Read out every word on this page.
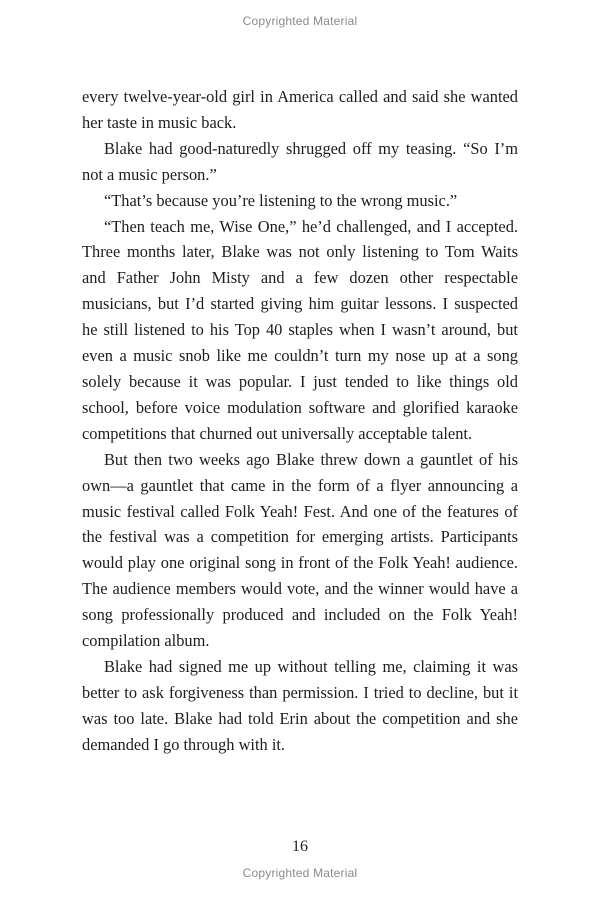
Copyrighted Material

every twelve-year-old girl in America called and said she wanted her taste in music back.

Blake had good-naturedly shrugged off my teasing. “So I’m not a music person.”

“That’s because you’re listening to the wrong music.”

“Then teach me, Wise One,” he’d challenged, and I accepted. Three months later, Blake was not only listening to Tom Waits and Father John Misty and a few dozen other respectable musicians, but I’d started giving him guitar lessons. I suspected he still listened to his Top 40 staples when I wasn’t around, but even a music snob like me couldn’t turn my nose up at a song solely because it was popular. I just tended to like things old school, before voice modulation software and glorified karaoke competitions that churned out universally acceptable talent.

But then two weeks ago Blake threw down a gauntlet of his own—a gauntlet that came in the form of a flyer announcing a music festival called Folk Yeah! Fest. And one of the features of the festival was a competition for emerging artists. Participants would play one original song in front of the Folk Yeah! audience. The audience members would vote, and the winner would have a song professionally produced and included on the Folk Yeah! compilation album.

Blake had signed me up without telling me, claiming it was better to ask forgiveness than permission. I tried to decline, but it was too late. Blake had told Erin about the competition and she demanded I go through with it.

16
Copyrighted Material
